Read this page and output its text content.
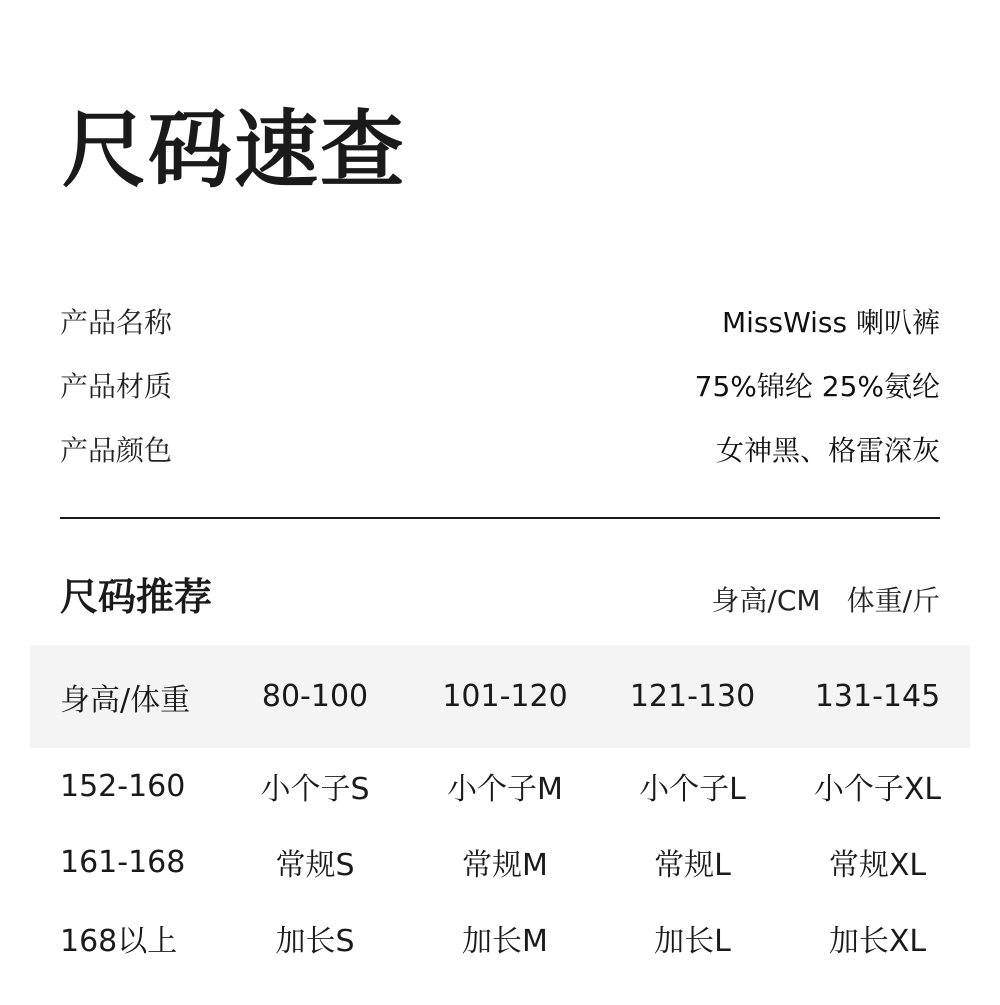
尺码速查
产品名称	MissWiss 喇叭裤
产品材质	75%锦纶 25%氨纶
产品颜色	女神黑、格雷深灰
尺码推荐	身高/CM 体重/斤
身高/体重	80-100	101-120	121-130	131-145
152-160	小个子S	小个子M	小个子L	小个子XL
161-168	常规S	常规M	常规L	常规XL
168以上	加长S	加长M	加长L	加长XL
